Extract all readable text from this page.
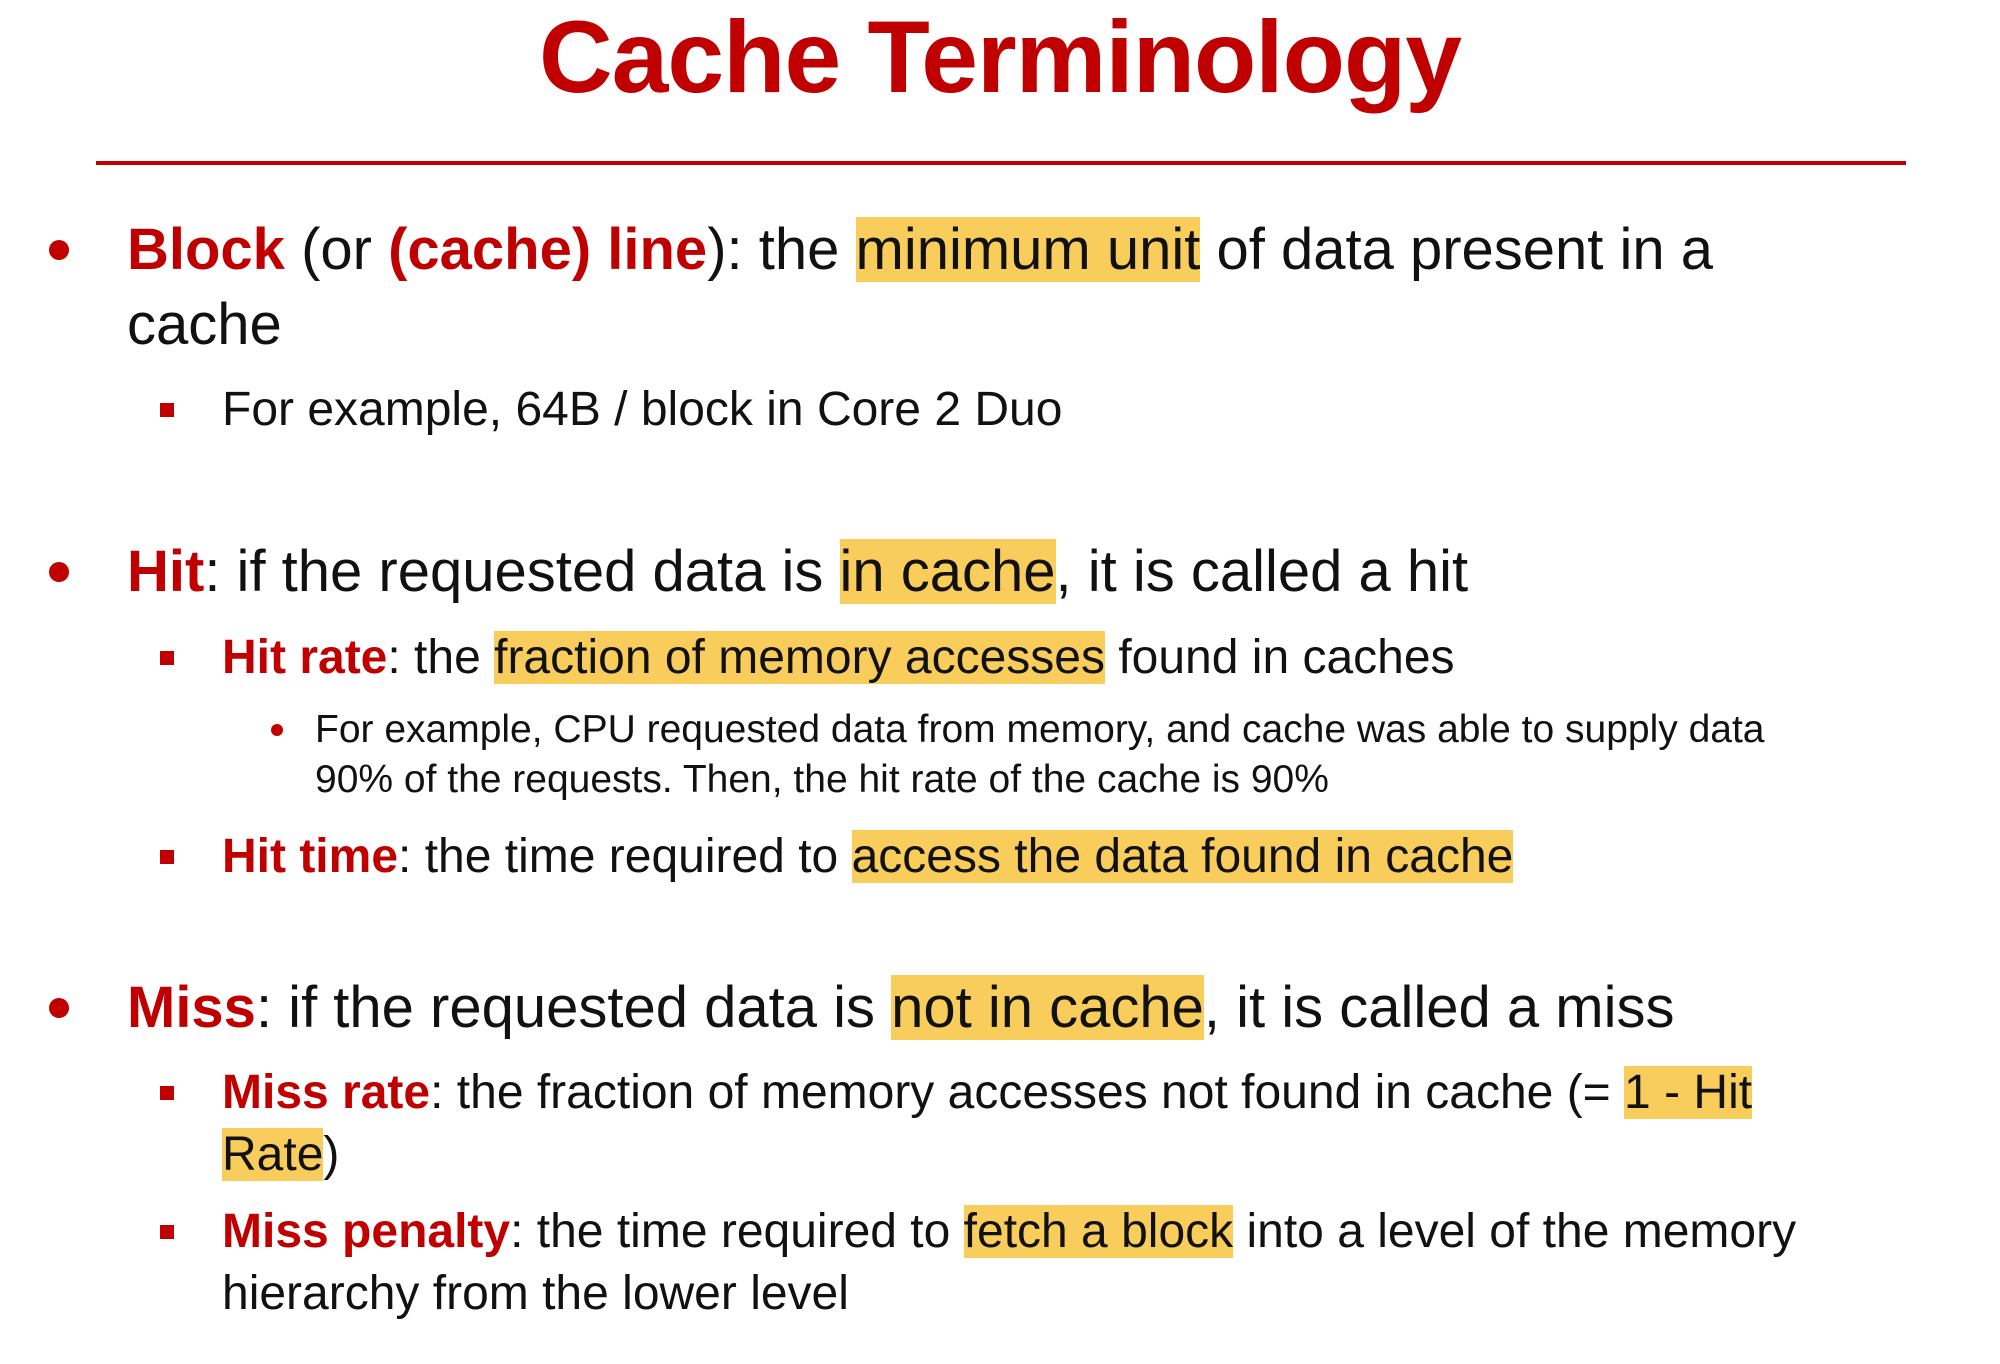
Cache Terminology
Block (or (cache) line): the minimum unit of data present in a
cache
For example, 64B / block in Core 2 Duo
Hit: if the requested data is in cache, it is called a hit
Hit rate: the fraction of memory accesses found in caches
For example, CPU requested data from memory, and cache was able to supply data
90% of the requests. Then, the hit rate of the cache is 90%
Hit time: the time required to access the data found in cache
Miss: if the requested data is not in cache, it is called a miss
Miss rate: the fraction of memory accesses not found in cache (= 1 - Hit
Rate)
Miss penalty: the time required to fetch a block into a level of the memory
hierarchy from the lower level
